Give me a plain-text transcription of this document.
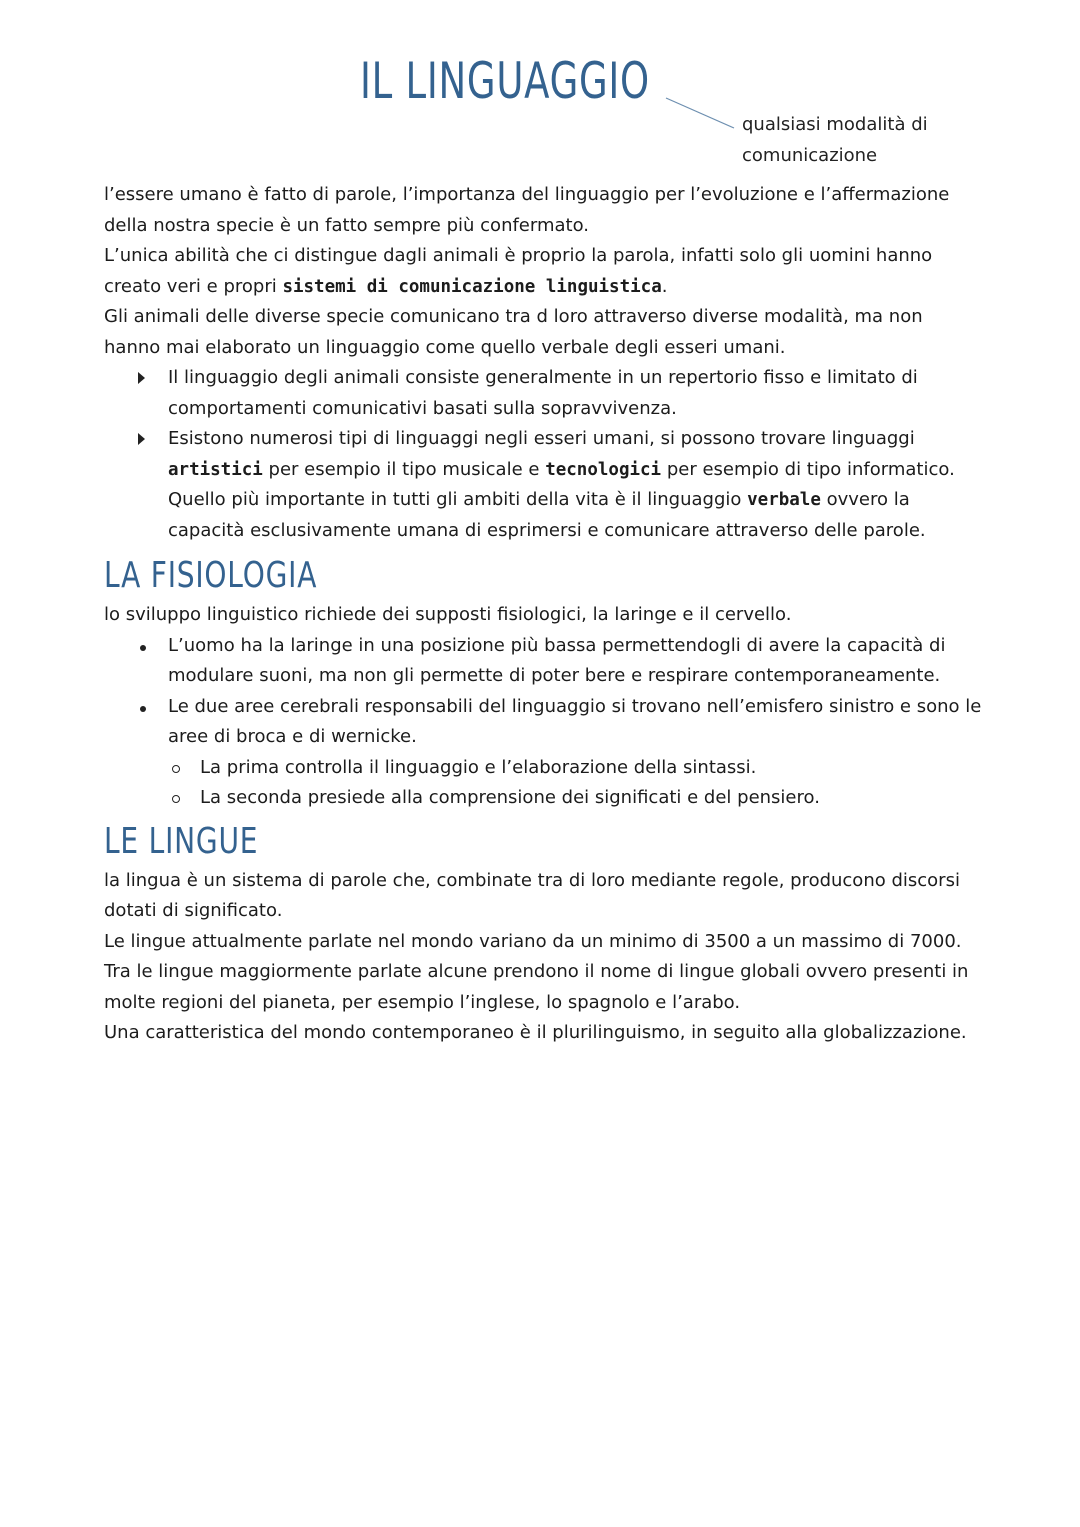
IL LINGUAGGIO

qualsiasi modalità di comunicazione

l’essere umano è fatto di parole, l’importanza del linguaggio per l’evoluzione e l’affermazione della nostra specie è un fatto sempre più confermato.

L’unica abilità che ci distingue dagli animali è proprio la parola, infatti solo gli uomini hanno creato veri e propri sistemi di comunicazione linguistica.

Gli animali delle diverse specie comunicano tra d loro attraverso diverse modalità, ma non hanno mai elaborato un linguaggio come quello verbale degli esseri umani.

Il linguaggio degli animali consiste generalmente in un repertorio fisso e limitato di comportamenti comunicativi basati sulla sopravvivenza.
Esistono numerosi tipi di linguaggi negli esseri umani, si possono trovare linguaggi artistici per esempio il tipo musicale e tecnologici per esempio di tipo informatico.
Quello più importante in tutti gli ambiti della vita è il linguaggio verbale ovvero la capacità esclusivamente umana di esprimersi e comunicare attraverso delle parole.
LA FISIOLOGIA

lo sviluppo linguistico richiede dei supposti fisiologici, la laringe e il cervello.

L’uomo ha la laringe in una posizione più bassa permettendogli di avere la capacità di modulare suoni, ma non gli permette di poter bere e respirare contemporaneamente.
Le due aree cerebrali responsabili del linguaggio si trovano nell’emisfero sinistro e sono le aree di broca e di wernicke.
La prima controlla il linguaggio e l’elaborazione della sintassi.
La seconda presiede alla comprensione dei significati e del pensiero.
LE LINGUE

la lingua è un sistema di parole che, combinate tra di loro mediante regole, producono discorsi dotati di significato.

Le lingue attualmente parlate nel mondo variano da un minimo di 3500 a un massimo di 7000.

Tra le lingue maggiormente parlate alcune prendono il nome di lingue globali ovvero presenti in molte regioni del pianeta, per esempio l’inglese, lo spagnolo e l’arabo.

Una caratteristica del mondo contemporaneo è il plurilinguismo, in seguito alla globalizzazione.
